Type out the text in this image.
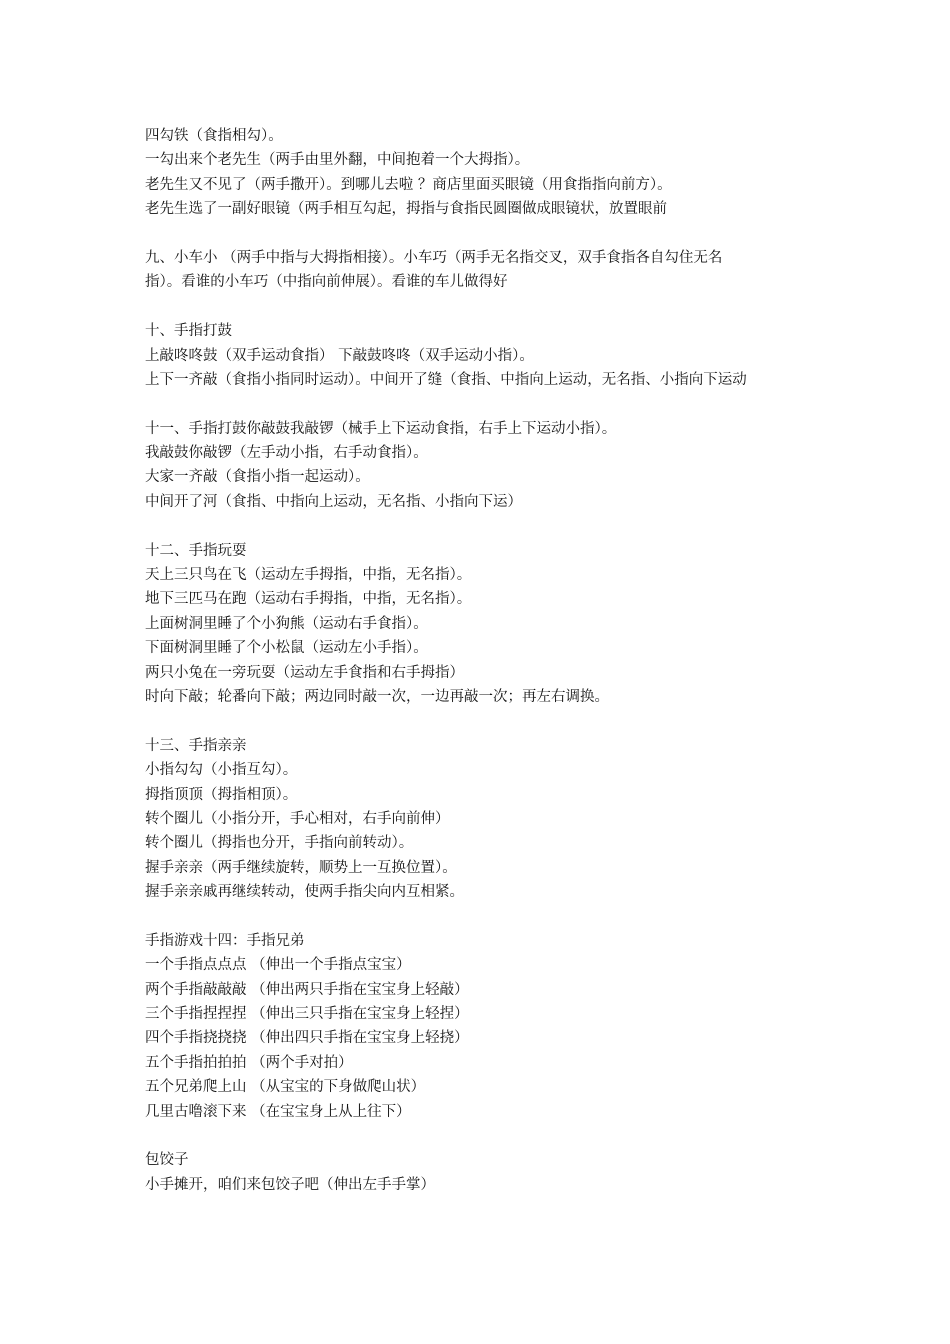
四勾铁（食指相勾）。
一勾出来个老先生（两手由里外翻，中间抱着一个大拇指）。
老先生又不见了（两手撒开）。到哪儿去啦 ？商店里面买眼镜（用食指指向前方）。
老先生选了一副好眼镜（两手相互勾起，拇指与食指民圆圈做成眼镜状，放置眼前
九、小车小 （两手中指与大拇指相接）。小车巧（两手无名指交叉，双手食指各自勾住无名
指）。看谁的小车巧（中指向前伸展）。看谁的车儿做得好
十、手指打鼓
上敲咚咚鼓（双手运动食指） 下敲鼓咚咚（双手运动小指）。
上下一齐敲（食指小指同时运动）。中间开了缝（食指、中指向上运动，无名指、小指向下运动
十一、手指打鼓你敲鼓我敲锣（械手上下运动食指，右手上下运动小指）。
我敲鼓你敲锣（左手动小指，右手动食指）。
大家一齐敲（食指小指一起运动）。
中间开了河（食指、中指向上运动，无名指、小指向下运）
十二、手指玩耍
天上三只鸟在飞（运动左手拇指，中指，无名指）。
地下三匹马在跑（运动右手拇指，中指，无名指）。
上面树洞里睡了个小狗熊（运动右手食指）。
下面树洞里睡了个小松鼠（运动左小手指）。
两只小兔在一旁玩耍（运动左手食指和右手拇指）
时向下敲；轮番向下敲；两边同时敲一次，一边再敲一次；再左右调换。
十三、手指亲亲
小指勾勾（小指互勾）。
拇指顶顶（拇指相顶）。
转个圈儿（小指分开，手心相对，右手向前伸）
转个圈儿（拇指也分开，手指向前转动）。
握手亲亲（两手继续旋转，顺势上一互换位置）。
握手亲亲戚再继续转动，使两手指尖向内互相紧。
手指游戏十四：手指兄弟
一个手指点点点 （伸出一个手指点宝宝）
两个手指敲敲敲 （伸出两只手指在宝宝身上轻敲）
三个手指捏捏捏 （伸出三只手指在宝宝身上轻捏）
四个手指挠挠挠 （伸出四只手指在宝宝身上轻挠）
五个手指拍拍拍 （两个手对拍）
五个兄弟爬上山 （从宝宝的下身做爬山状）
几里古噜滚下来 （在宝宝身上从上往下）
包饺子
小手摊开，咱们来包饺子吧（伸出左手手掌）
